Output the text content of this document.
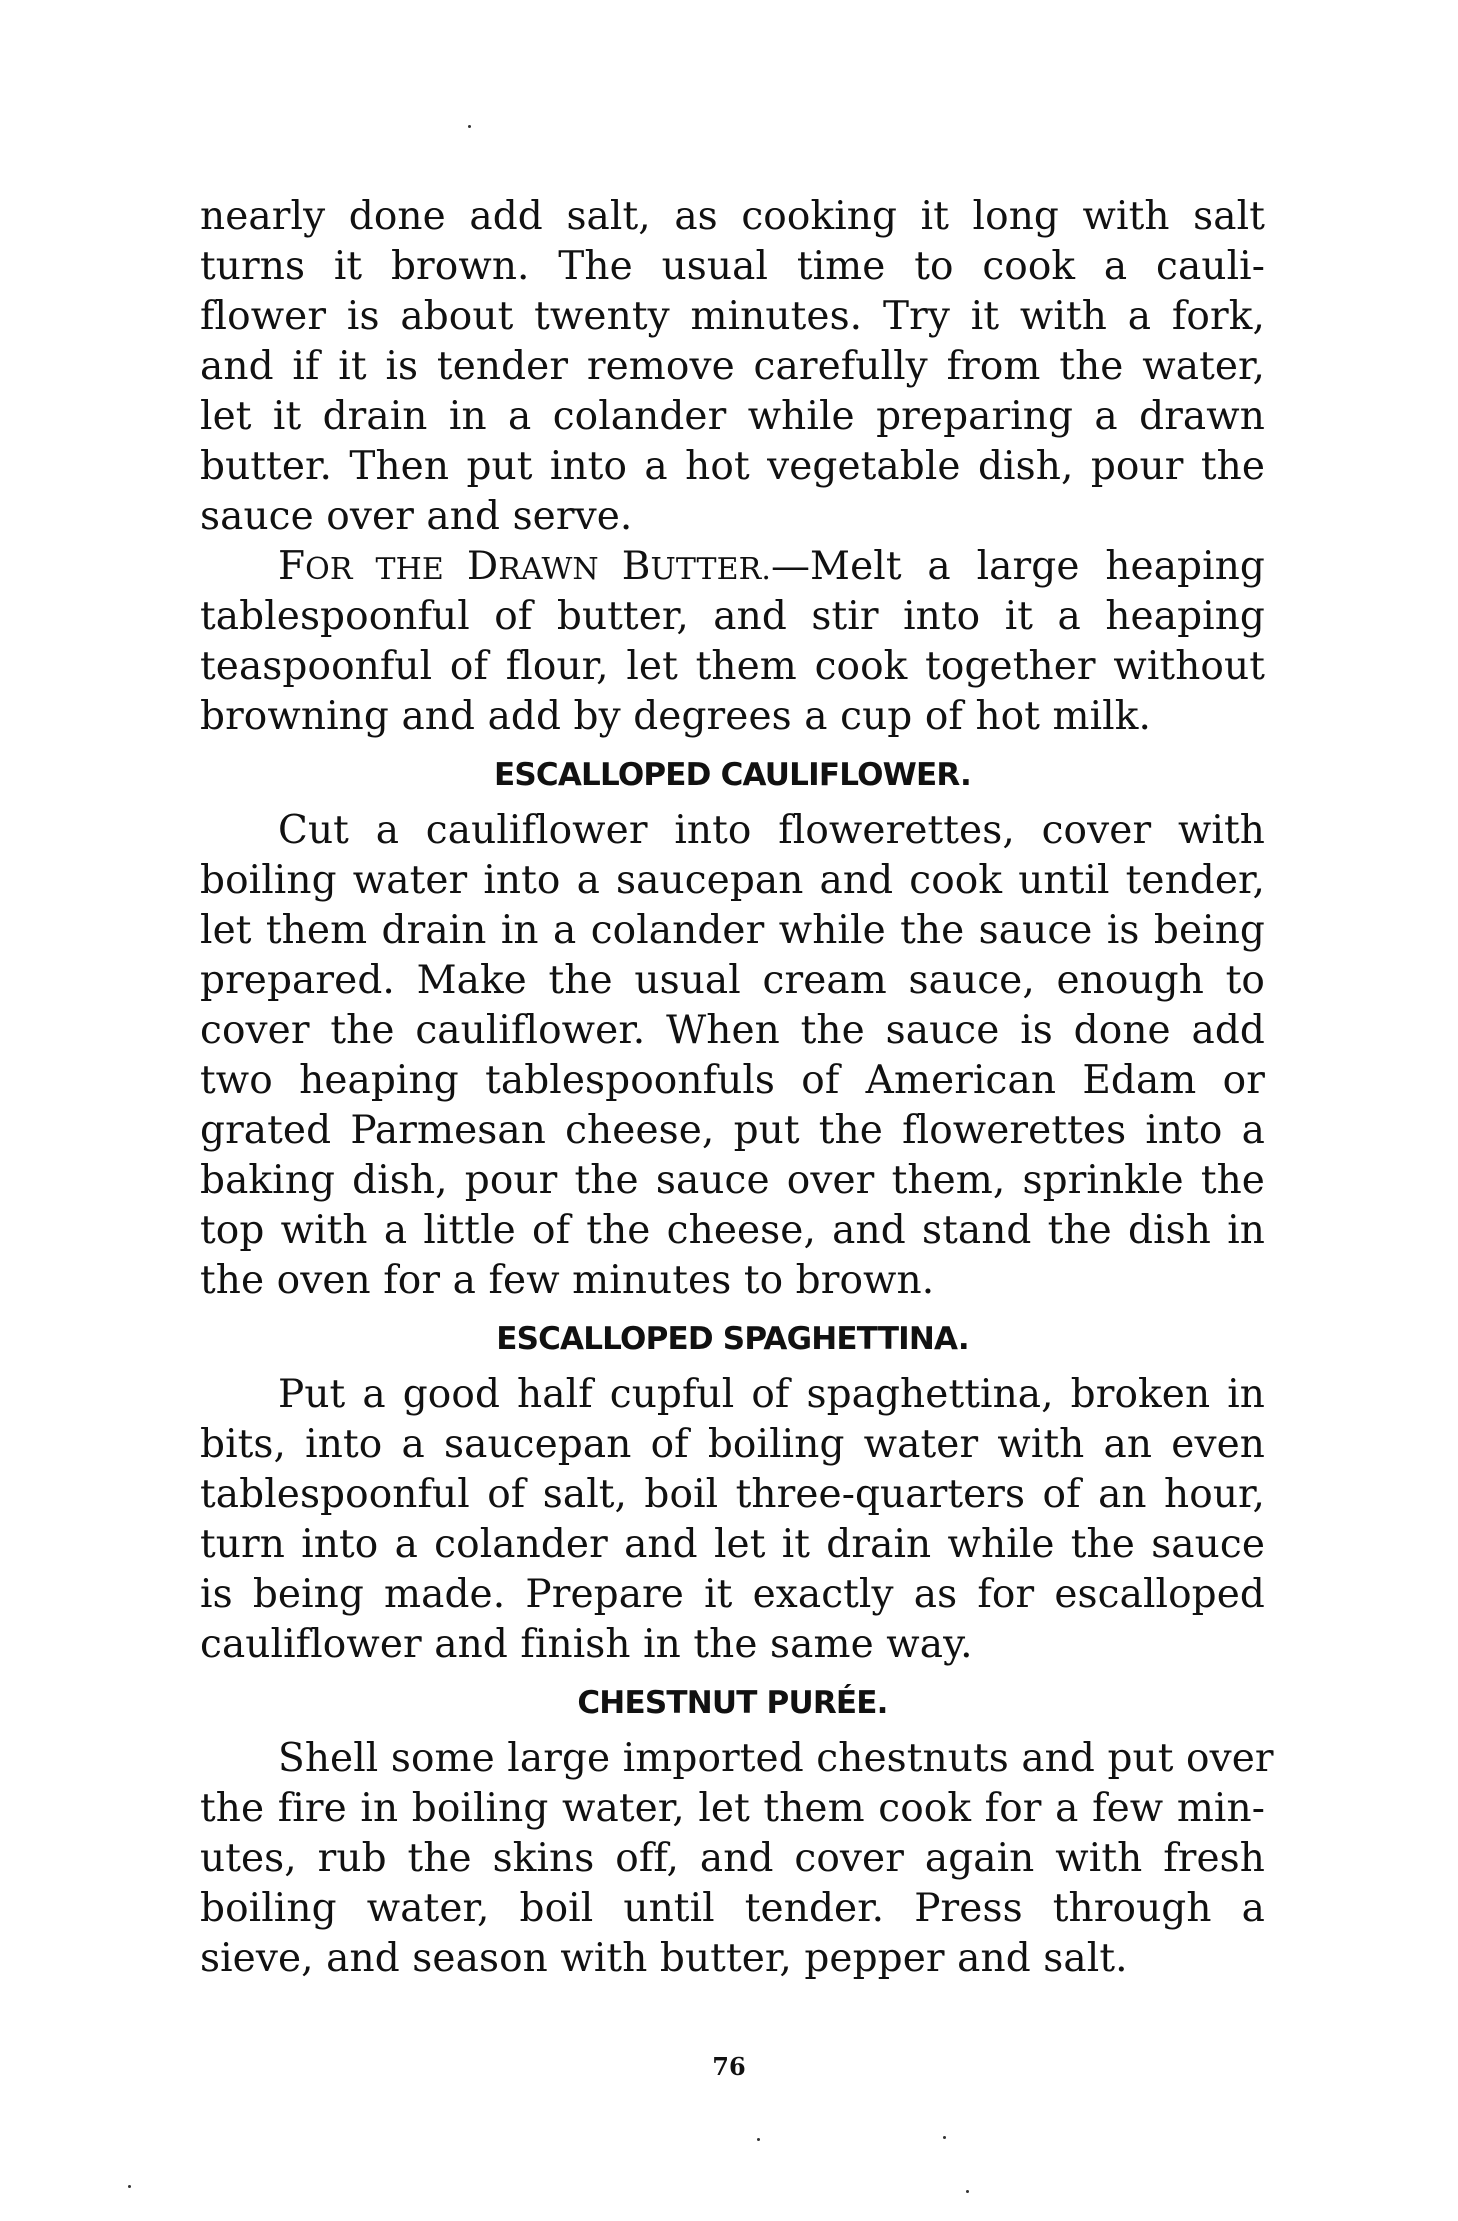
nearly done add salt, as cooking it long with salt
turns it brown. The usual time to cook a cauli-
flower is about twenty minutes. Try it with a fork,
and if it is tender remove carefully from the water,
let it drain in a colander while preparing a drawn
butter. Then put into a hot vegetable dish, pour the
sauce over and serve.
FOR THE DRAWN BUTTER.—Melt a large heaping
tablespoonful of butter, and stir into it a heaping
teaspoonful of flour, let them cook together without
browning and add by degrees a cup of hot milk.
ESCALLOPED CAULIFLOWER.
Cut a cauliflower into flowerettes, cover with
boiling water into a saucepan and cook until tender,
let them drain in a colander while the sauce is being
prepared. Make the usual cream sauce, enough to
cover the cauliflower. When the sauce is done add
two heaping tablespoonfuls of American Edam or
grated Parmesan cheese, put the flowerettes into a
baking dish, pour the sauce over them, sprinkle the
top with a little of the cheese, and stand the dish in
the oven for a few minutes to brown.
ESCALLOPED SPAGHETTINA.
Put a good half cupful of spaghettina, broken in
bits, into a saucepan of boiling water with an even
tablespoonful of salt, boil three-quarters of an hour,
turn into a colander and let it drain while the sauce
is being made. Prepare it exactly as for escalloped
cauliflower and finish in the same way.
CHESTNUT PURÉE.
Shell some large imported chestnuts and put over
the fire in boiling water, let them cook for a few min-
utes, rub the skins off, and cover again with fresh
boiling water, boil until tender. Press through a
sieve, and season with butter, pepper and salt.
76
